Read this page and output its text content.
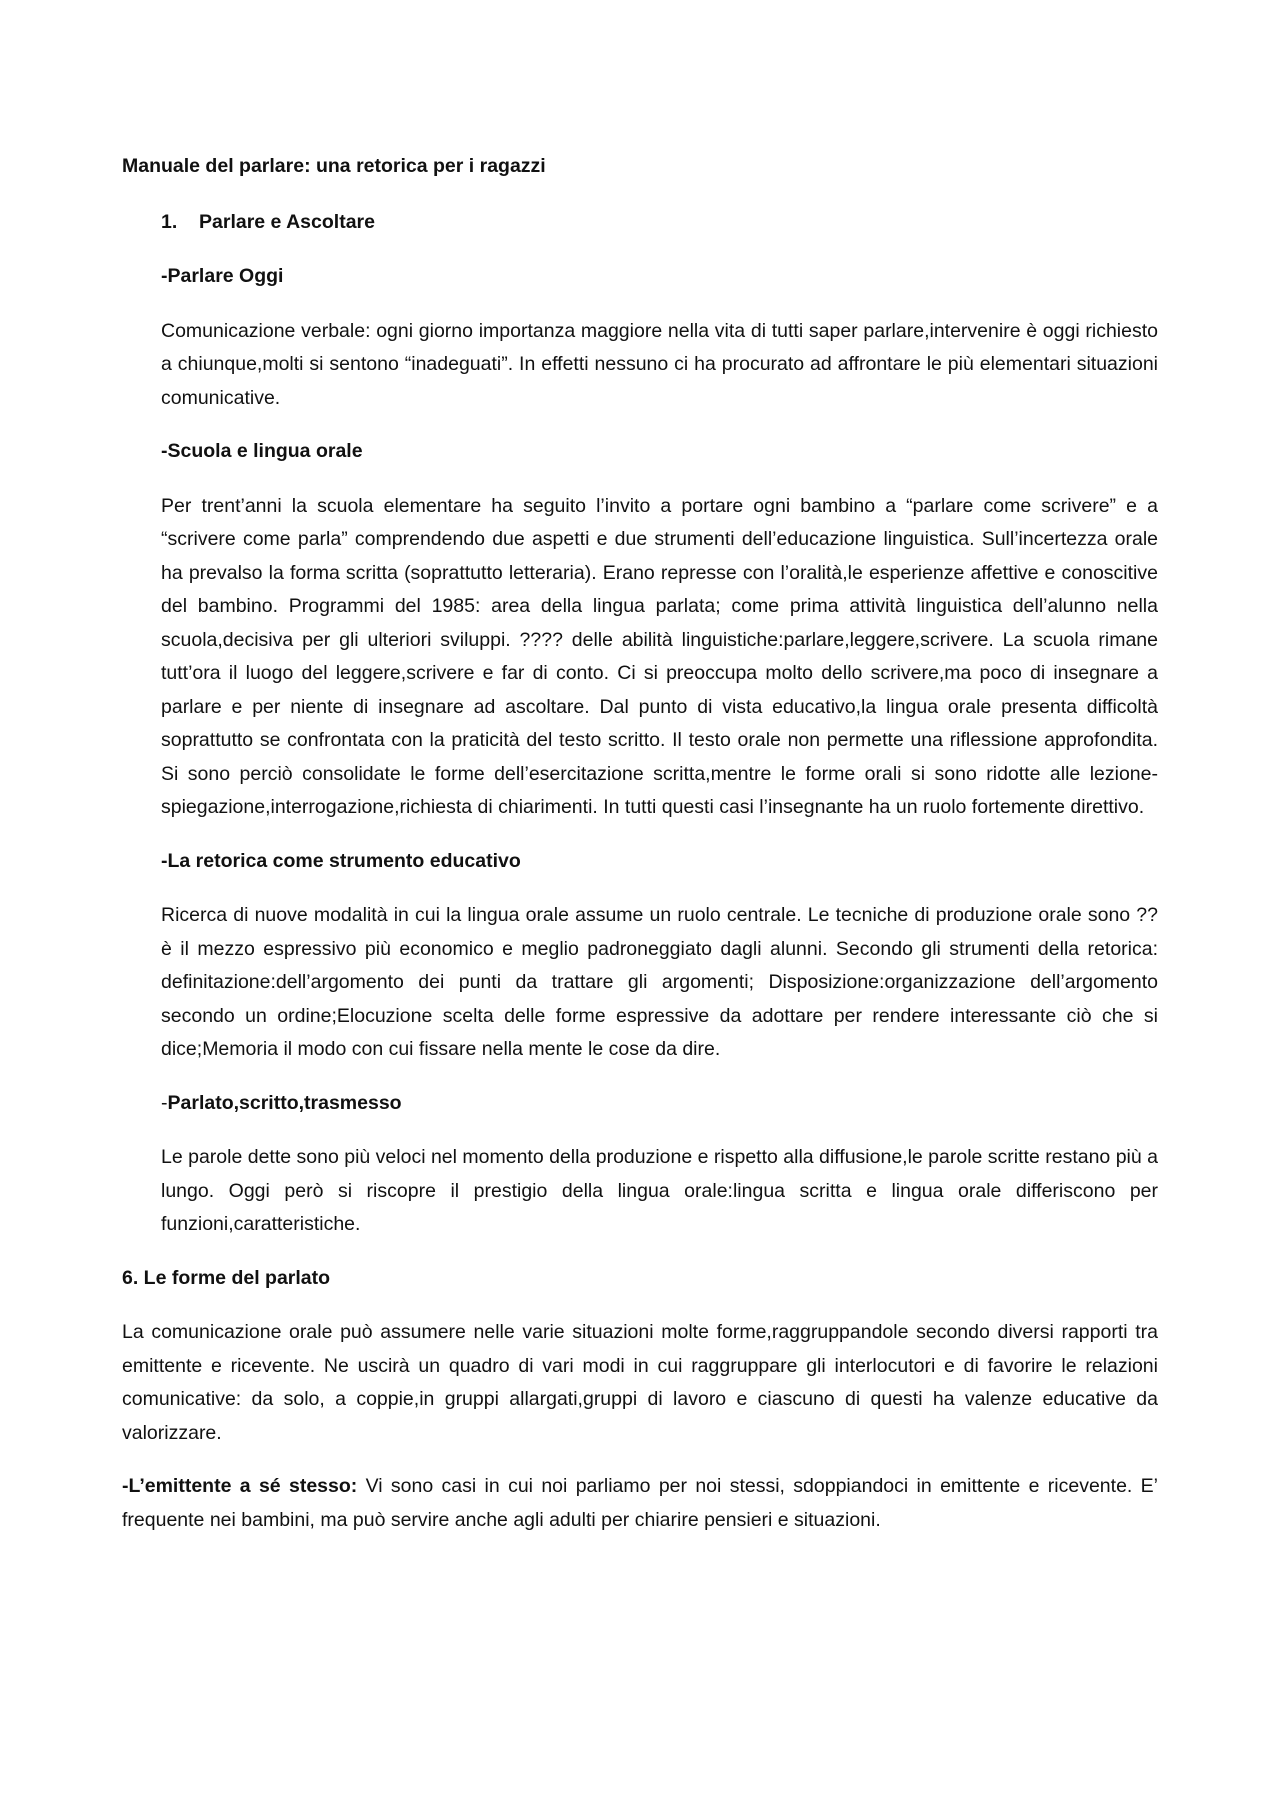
Manuale del parlare: una retorica per i ragazzi

1. Parlare e Ascoltare

-Parlare Oggi

Comunicazione verbale: ogni giorno importanza maggiore nella vita di tutti saper parlare,intervenire è oggi richiesto a chiunque,molti si sentono “inadeguati”. In effetti nessuno ci ha procurato ad affrontare le più elementari situazioni comunicative.

-Scuola e lingua orale

Per trent’anni la scuola elementare ha seguito l’invito a portare ogni bambino a “parlare come scrivere” e a “scrivere come parla” comprendendo due aspetti e due strumenti dell’educazione linguistica. Sull’incertezza orale ha prevalso la forma scritta (soprattutto letteraria). Erano represse con l’oralità,le esperienze affettive e conoscitive del bambino. Programmi del 1985: area della lingua parlata; come prima attività linguistica dell’alunno nella scuola,decisiva per gli ulteriori sviluppi. ???? delle abilità linguistiche:parlare,leggere,scrivere. La scuola rimane tutt’ora il luogo del leggere,scrivere e far di conto. Ci si preoccupa molto dello scrivere,ma poco di insegnare a parlare e per niente di insegnare ad ascoltare. Dal punto di vista educativo,la lingua orale presenta difficoltà soprattutto se confrontata con la praticità del testo scritto. Il testo orale non permette una riflessione approfondita. Si sono perciò consolidate le forme dell’esercitazione scritta,mentre le forme orali si sono ridotte alle lezione-spiegazione,interrogazione,richiesta di chiarimenti. In tutti questi casi l’insegnante ha un ruolo fortemente direttivo.

-La retorica come strumento educativo

Ricerca di nuove modalità in cui la lingua orale assume un ruolo centrale. Le tecniche di produzione orale sono ?? è il mezzo espressivo più economico e meglio padroneggiato dagli alunni. Secondo gli strumenti della retorica: definitazione:dell’argomento dei punti da trattare gli argomenti; Disposizione:organizzazione dell’argomento secondo un ordine;Elocuzione scelta delle forme espressive da adottare per rendere interessante ciò che si dice;Memoria il modo con cui fissare nella mente le cose da dire.

-Parlato,scritto,trasmesso

Le parole dette sono più veloci nel momento della produzione e rispetto alla diffusione,le parole scritte restano più a lungo. Oggi però si riscopre il prestigio della lingua orale:lingua scritta e lingua orale differiscono per funzioni,caratteristiche.

6. Le forme del parlato

La comunicazione orale può assumere nelle varie situazioni molte forme,raggruppandole secondo diversi rapporti tra emittente e ricevente. Ne uscirà un quadro di vari modi in cui raggruppare gli interlocutori e di favorire le relazioni comunicative: da solo, a coppie,in gruppi allargati,gruppi di lavoro e ciascuno di questi ha valenze educative da valorizzare.

-L’emittente a sé stesso: Vi sono casi in cui noi parliamo per noi stessi, sdoppiandoci in emittente e ricevente. E’ frequente nei bambini, ma può servire anche agli adulti per chiarire pensieri e situazioni.
